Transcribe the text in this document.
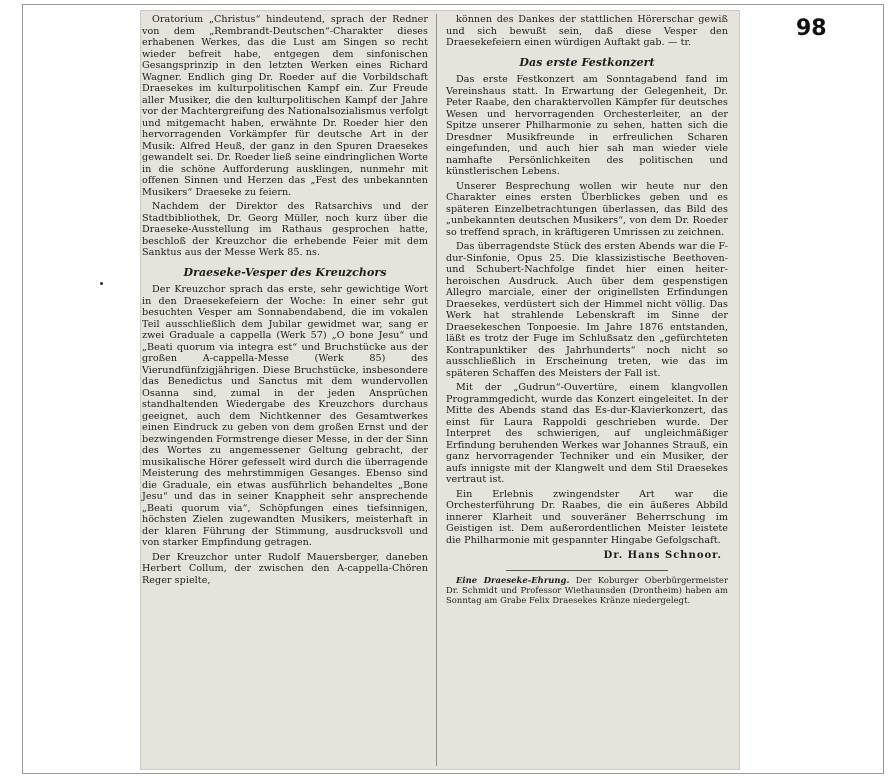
Oratorium „Christus“ hindeutend, sprach der Redner von dem „Rembrandt-Deutschen“-Charakter dieses erhabenen Werkes, das die Lust am Singen so recht wieder befreit habe, entgegen dem sinfonischen Gesangsprinzip in den letzten Werken eines Richard Wagner. Endlich ging Dr. Roeder auf die Vorbildschaft Draesekes im kulturpolitischen Kampf ein. Zur Freude aller Musiker, die den kulturpolitischen Kampf der Jahre vor der Machtergreifung des Nationalsozialismus verfolgt und mitgemacht haben, erwähnte Dr. Roeder hier den hervorragenden Vorkämpfer für deutsche Art in der Musik: Alfred Heuß, der ganz in den Spuren Draesekes gewandelt sei. Dr. Roeder ließ seine eindringlichen Worte in die schöne Aufforderung ausklingen, nunmehr mit offenen Sinnen und Herzen das „Fest des unbekannten Musikers“ Draeseke zu feiern.

Nachdem der Direktor des Ratsarchivs und der Stadtbibliothek, Dr. Georg Müller, noch kurz über die Draeseke-Ausstellung im Rathaus gesprochen hatte, beschloß der Kreuzchor die erhebende Feier mit dem Sanktus aus der Messe Werk 85. ns.

Draeseke-Vesper des Kreuzchors

Der Kreuzchor sprach das erste, sehr gewichtige Wort in den Draesekefeiern der Woche: In einer sehr gut besuchten Vesper am Sonnabendabend, die im vokalen Teil ausschließlich dem Jubilar gewidmet war, sang er zwei Graduale a cappella (Werk 57) „O bone Jesu“ und „Beati quorum via integra est“ und Bruchstücke aus der großen A-cappella-Messe (Werk 85) des Vierundfünfzigjährigen. Diese Bruchstücke, insbesondere das Benedictus und Sanctus mit dem wundervollen Osanna sind, zumal in der jeden Ansprüchen standhaltenden Wiedergabe des Kreuzchors durchaus geeignet, auch dem Nichtkenner des Gesamtwerkes einen Eindruck zu geben von dem großen Ernst und der bezwingenden Formstrenge dieser Messe, in der der Sinn des Wortes zu angemessener Geltung gebracht, der musikalische Hörer gefesselt wird durch die überragende Meisterung des mehrstimmigen Gesanges. Ebenso sind die Graduale, ein etwas ausführlich behandeltes „Bone Jesu“ und das in seiner Knappheit sehr ansprechende „Beati quorum via“, Schöpfungen eines tiefsinnigen, höchsten Zielen zugewandten Musikers, meisterhaft in der klaren Führung der Stimmung, ausdrucksvoll und von starker Empfindung getragen.

Der Kreuzchor unter Rudolf Mauersberger, daneben Herbert Collum, der zwischen den A-cappella-Chören Reger spielte,

können des Dankes der stattlichen Hörerschar gewiß und sich bewußt sein, daß diese Vesper den Draesekefeiern einen würdigen Auftakt gab. — tr.

Das erste Festkonzert

Das erste Festkonzert am Sonntagabend fand im Vereinshaus statt. In Erwartung der Gelegenheit, Dr. Peter Raabe, den charaktervollen Kämpfer für deutsches Wesen und hervorragenden Orchesterleiter, an der Spitze unserer Philharmonie zu sehen, hatten sich die Dresdner Musikfreunde in erfreulichen Scharen eingefunden, und auch hier sah man wieder viele namhafte Persönlichkeiten des politischen und künstlerischen Lebens.

Unserer Besprechung wollen wir heute nur den Charakter eines ersten Überblickes geben und es späteren Einzelbetrachtungen überlassen, das Bild des „unbekannten deutschen Musikers“, von dem Dr. Roeder so treffend sprach, in kräftigeren Umrissen zu zeichnen.

Das überragendste Stück des ersten Abends war die F-dur-Sinfonie, Opus 25. Die klassizistische Beethoven- und Schubert-Nachfolge findet hier einen heiter-heroischen Ausdruck. Auch über dem gespenstigen Allegro marciale, einer der originellsten Erfindungen Draesekes, verdüstert sich der Himmel nicht völlig. Das Werk hat strahlende Lebenskraft im Sinne der Draesekeschen Tonpoesie. Im Jahre 1876 entstanden, läßt es trotz der Fuge im Schlußsatz den „gefürchteten Kontrapunktiker des Jahrhunderts“ noch nicht so ausschließlich in Erscheinung treten, wie das im späteren Schaffen des Meisters der Fall ist.

Mit der „Gudrun“-Ouvertüre, einem klangvollen Programmgedicht, wurde das Konzert eingeleitet. In der Mitte des Abends stand das Es-dur-Klavierkonzert, das einst für Laura Rappoldi geschrieben wurde. Der Interpret des schwierigen, auf ungleichmäßiger Erfindung beruhenden Werkes war Johannes Strauß, ein ganz hervorragender Techniker und ein Musiker, der aufs innigste mit der Klangwelt und dem Stil Draesekes vertraut ist.

Ein Erlebnis zwingendster Art war die Orchesterführung Dr. Raabes, die ein äußeres Abbild innerer Klarheit und souveräner Beherrschung im Geistigen ist. Dem außerordentlichen Meister leistete die Philharmonie mit gespannter Hingabe Gefolgschaft.

Dr. Hans Schnoor.

Eine Draeseke-Ehrung. Der Koburger Oberbürgermeister Dr. Schmidt und Professor Wiethaunsden (Drontheim) haben am Sonntag am Grabe Felix Draesekes Kränze niedergelegt.

98
